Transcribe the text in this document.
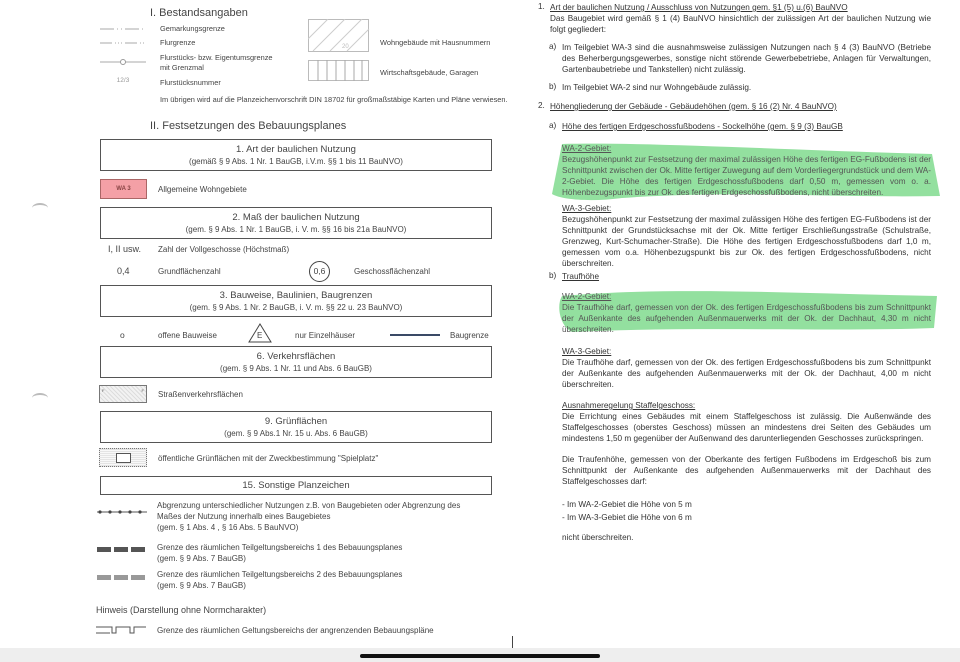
I. Bestandsangaben
12/3
Gemarkungsgrenze
Flurgrenze
Flurstücks- bzw. Eigentumsgrenze
mit Grenzmal
Flurstücksnummer
20	Wohngebäude mit Hausnummern
Wirtschaftsgebäude, Garagen
Im übrigen wird auf die Planzeichenvorschrift DIN 18702 für großmaßstäbige Karten und Pläne verwiesen.
II. Festsetzungen des Bebauungsplanes
1. Art der baulichen Nutzung
(gemäß § 9 Abs. 1 Nr. 1 BauGB, i.V.m. §§ 1 bis 11 BauNVO)
WA 3	Allgemeine Wohngebiete
2. Maß der baulichen Nutzung
(gem. § 9 Abs. 1 Nr. 1 BauGB, i. V. m. §§ 16 bis 21a BauNVO)
I, II usw. Zahl der Vollgeschosse (Höchstmaß)
0,4	Grundflächenzahl	0,6	Geschossflächenzahl
3. Bauweise, Baulinien, Baugrenzen
(gem. § 9 Abs. 1 Nr. 2 BauGB, i. V. m. §§ 22 u. 23 BauNVO)
o	offene Bauweise	E	nur Einzelhäuser	Baugrenze
6. Verkehrsflächen
(gem. § 9 Abs. 1 Nr. 11 und Abs. 6 BauGB)
F	F Straßenverkehrsflächen
9. Grünflächen
(gem. § 9 Abs.1 Nr. 15 u. Abs. 6 BauGB)
öffentliche Grünflächen mit der Zweckbestimmung "Spielplatz"
15. Sonstige Planzeichen
Abgrenzung unterschiedlicher Nutzungen z.B. von Baugebieten oder Abgrenzung des
Maßes der Nutzung innerhalb eines Baugebietes
(gem. § 1 Abs. 4 , § 16 Abs. 5 BauNVO)
Grenze des räumlichen Teilgeltungsbereichs 1 des Bebauungsplanes
(gem. § 9 Abs. 7 BauGB)
Grenze des räumlichen Teilgeltungsbereichs 2 des Bebauungsplanes
(gem. § 9 Abs. 7 BauGB)
Hinweis (Darstellung ohne Normcharakter)
Grenze des räumlichen Geltungsbereichs der angrenzenden Bebauungspläne
1. Art der baulichen Nutzung / Ausschluss von Nutzungen gem. §1 (5) u.(6) BauNVO
Das Baugebiet wird gemäß § 1 (4) BauNVO hinsichtlich der zulässigen Art der baulichen Nutzung wie folgt gegliedert:
a) Im Teilgebiet WA-3 sind die ausnahmsweise zulässigen Nutzungen nach § 4 (3) BauNVO (Betriebe des Beherbergungsgewerbes, sonstige nicht störende Gewerbebetriebe, Anlagen für Verwaltungen, Gartenbaubetriebe und Tankstellen) nicht zulässig.
b) Im Teilgebiet WA-2 sind nur Wohngebäude zulässig.
2. Höhengliederung der Gebäude - Gebäudehöhen (gem. § 16 (2) Nr. 4 BauNVO)
a) Höhe des fertigen Erdgeschossfußbodens - Sockelhöhe (gem. § 9 (3) BauGB
WA-2-Gebiet:
Bezugshöhenpunkt zur Festsetzung der maximal zulässigen Höhe des fertigen EG-Fußbodens ist der Schnittpunkt zwischen der Ok. Mitte fertiger Zuwegung auf dem Vorderliegergrundstück und dem WA-2-Gebiet. Die Höhe des fertigen Erdgeschossfußbodens darf 0,50 m, gemessen vom o. a. Höhenbezugspunkt bis zur Ok. des fertigen Erdgeschossfußbodens, nicht überschreiten.
WA-3-Gebiet:
Bezugshöhenpunkt zur Festsetzung der maximal zulässigen Höhe des fertigen EG-Fußbodens ist der Schnittpunkt der Grundstücksachse mit der Ok. Mitte fertiger Erschließungsstraße (Schulstraße, Grenzweg, Kurt-Schumacher-Straße). Die Höhe des fertigen Erdgeschossfußbodens darf 1,0 m, gemessen vom o.a. Höhenbezugspunkt bis zur Ok. des fertigen Erdgeschossfußbodens, nicht überschreiten.
b) Traufhöhe
WA-2-Gebiet:
Die Traufhöhe darf, gemessen von der Ok. des fertigen Erdgeschossfußbodens bis zum Schnittpunkt der Außenkante des aufgehenden Außenmauerwerks mit der Ok. der Dachhaut, 4,30 m nicht überschreiten.
WA-3-Gebiet:
Die Traufhöhe darf, gemessen von der Ok. des fertigen Erdgeschossfußbodens bis zum Schnittpunkt der Außenkante des aufgehenden Außenmauerwerks mit der Ok. der Dachhaut, 4,00 m nicht überschreiten.
Ausnahmeregelung Staffelgeschoss:
Die Errichtung eines Gebäudes mit einem Staffelgeschoss ist zulässig. Die Außenwände des Staffelgeschosses (oberstes Geschoss) müssen an mindestens drei Seiten des Gebäudes um mindestens 1,50 m gegenüber der Außenwand des darunterliegenden Geschosses zurückspringen.
Die Traufenhöhe, gemessen von der Oberkante des fertigen Fußbodens im Erdgeschoß bis zum Schnittpunkt der Außenkante des aufgehenden Außenmauerwerks mit der Dachhaut des Staffelgeschosses darf:
- Im WA-2-Gebiet die Höhe von 5 m
- Im WA-3-Gebiet die Höhe von 6 m
nicht überschreiten.
